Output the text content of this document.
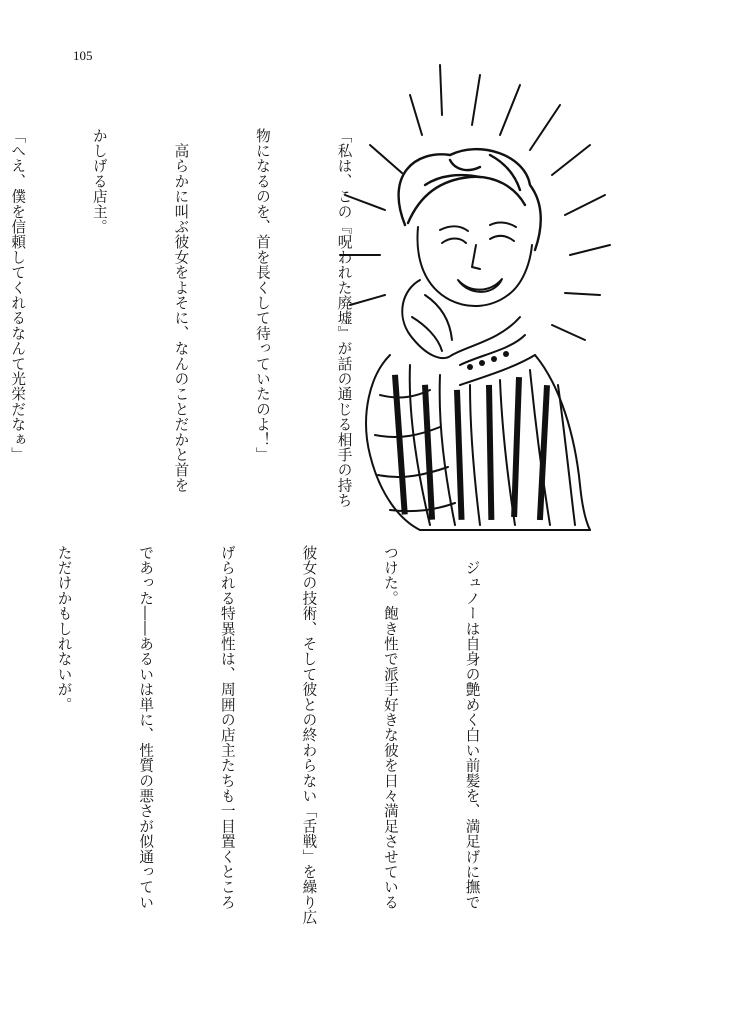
105

「私は、この『呪われた廃墟』が話の通じる相手の持ち

物になるのを、首を長くして待っていたのよ！」

　高らかに叫ぶ彼女をよそに、なんのことだかと首を

かしげる店主。

「へえ、僕を信頼してくれるなんて光栄だなぁ」

　ジュノーは自身の艶めく白い前髪を、満足げに撫で

つけた。飽き性で派手好きな彼を日々満足させている

彼女の技術、そして彼との終わらない「舌戦」を繰り広

げられる特異性は、周囲の店主たちも一目置くところ

であった――あるいは単に、性質の悪さが似通ってい

ただけかもしれないが。
